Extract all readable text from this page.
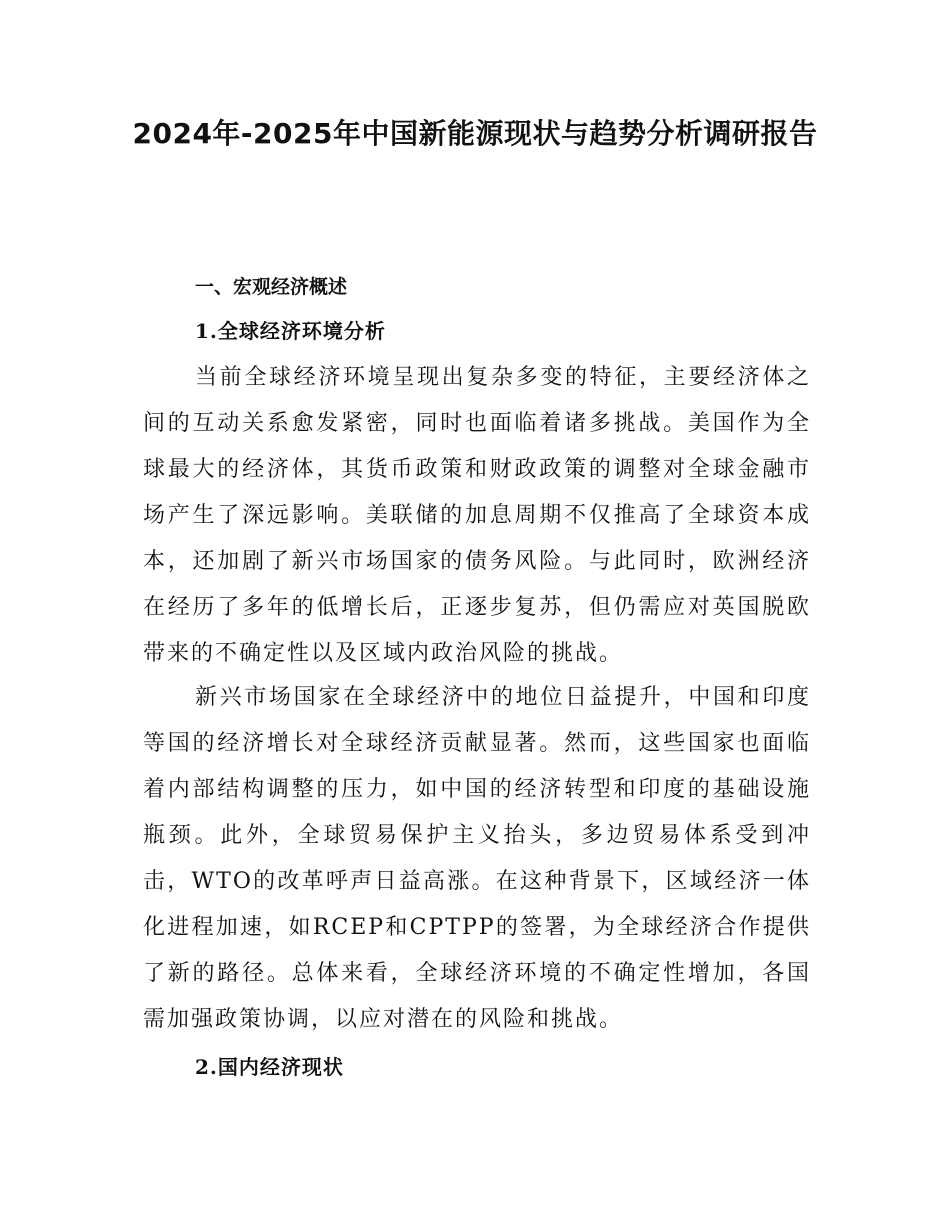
2024年-2025年中国新能源现状与趋势分析调研报告
一、宏观经济概述
1.全球经济环境分析

当前全球经济环境呈现出复杂多变的特征，主要经济体之间的互动关系愈发紧密，同时也面临着诸多挑战。美国作为全球最大的经济体，其货币政策和财政政策的调整对全球金融市场产生了深远影响。美联储的加息周期不仅推高了全球资本成本，还加剧了新兴市场国家的债务风险。与此同时，欧洲经济在经历了多年的低增长后，正逐步复苏，但仍需应对英国脱欧带来的不确定性以及区域内政治风险的挑战。

新兴市场国家在全球经济中的地位日益提升，中国和印度等国的经济增长对全球经济贡献显著。然而，这些国家也面临着内部结构调整的压力，如中国的经济转型和印度的基础设施瓶颈。此外，全球贸易保护主义抬头，多边贸易体系受到冲击，WTO的改革呼声日益高涨。在这种背景下，区域经济一体化进程加速，如RCEP和CPTPP的签署，为全球经济合作提供了新的路径。总体来看，全球经济环境的不确定性增加，各国需加强政策协调，以应对潜在的风险和挑战。

2.国内经济现状
